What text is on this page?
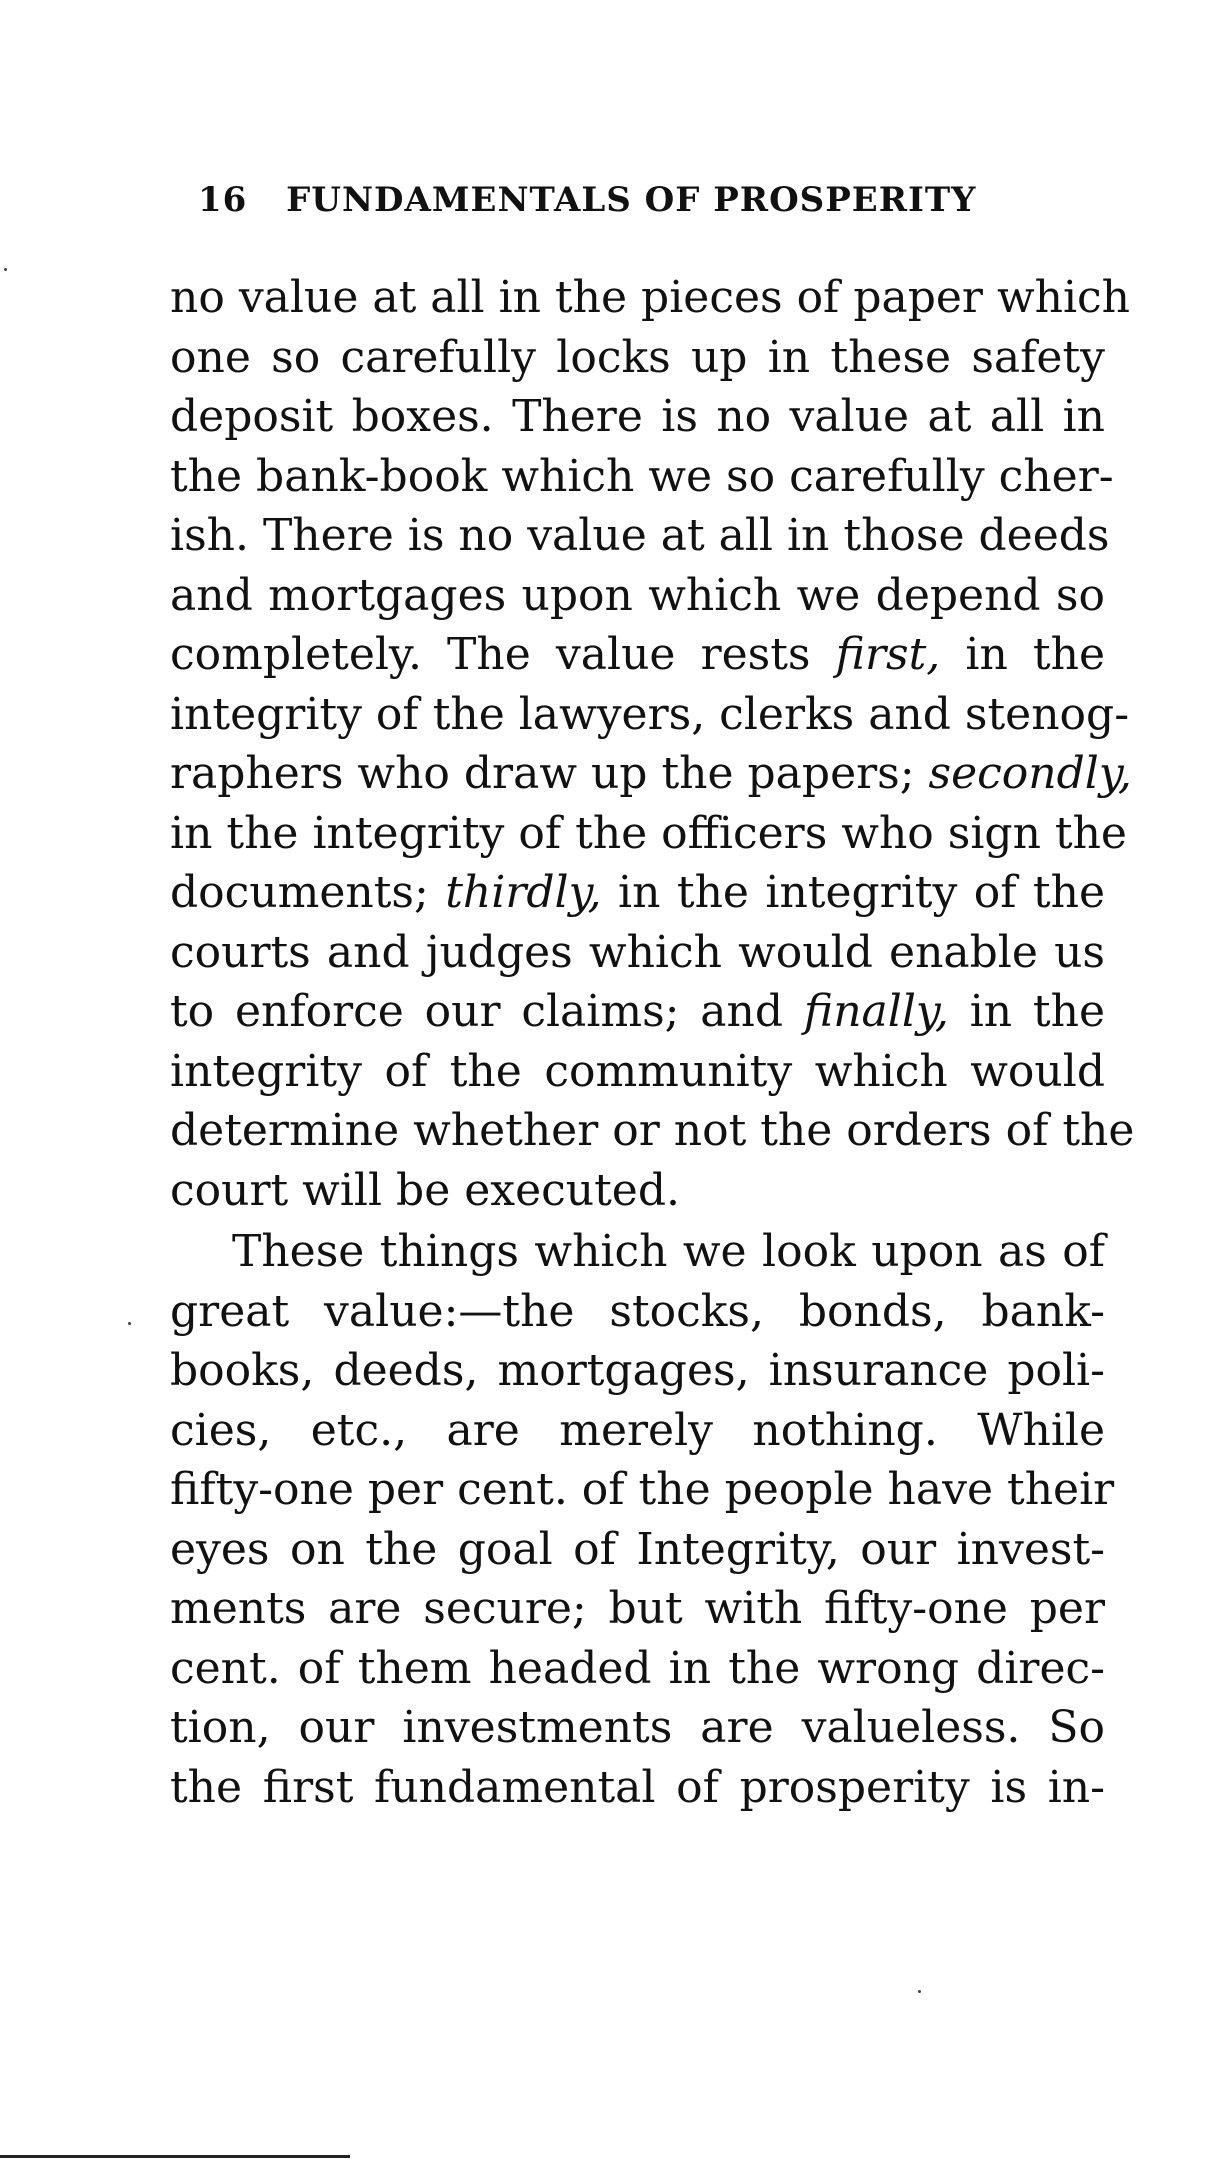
16 FUNDAMENTALS OF PROSPERITY
no value at all in the pieces of paper which
one so carefully locks up in these safety
deposit boxes. There is no value at all in
the bank-book which we so carefully cher-
ish. There is no value at all in those deeds
and mortgages upon which we depend so
completely. The value rests first, in the
integrity of the lawyers, clerks and stenog-
raphers who draw up the papers; secondly,
in the integrity of the officers who sign the
documents; thirdly, in the integrity of the
courts and judges which would enable us
to enforce our claims; and finally, in the
integrity of the community which would
determine whether or not the orders of the
court will be executed.
These things which we look upon as of
great value:—the stocks, bonds, bank-
books, deeds, mortgages, insurance poli-
cies, etc., are merely nothing. While
fifty-one per cent. of the people have their
eyes on the goal of Integrity, our invest-
ments are secure; but with fifty-one per
cent. of them headed in the wrong direc-
tion, our investments are valueless. So
the first fundamental of prosperity is in-
